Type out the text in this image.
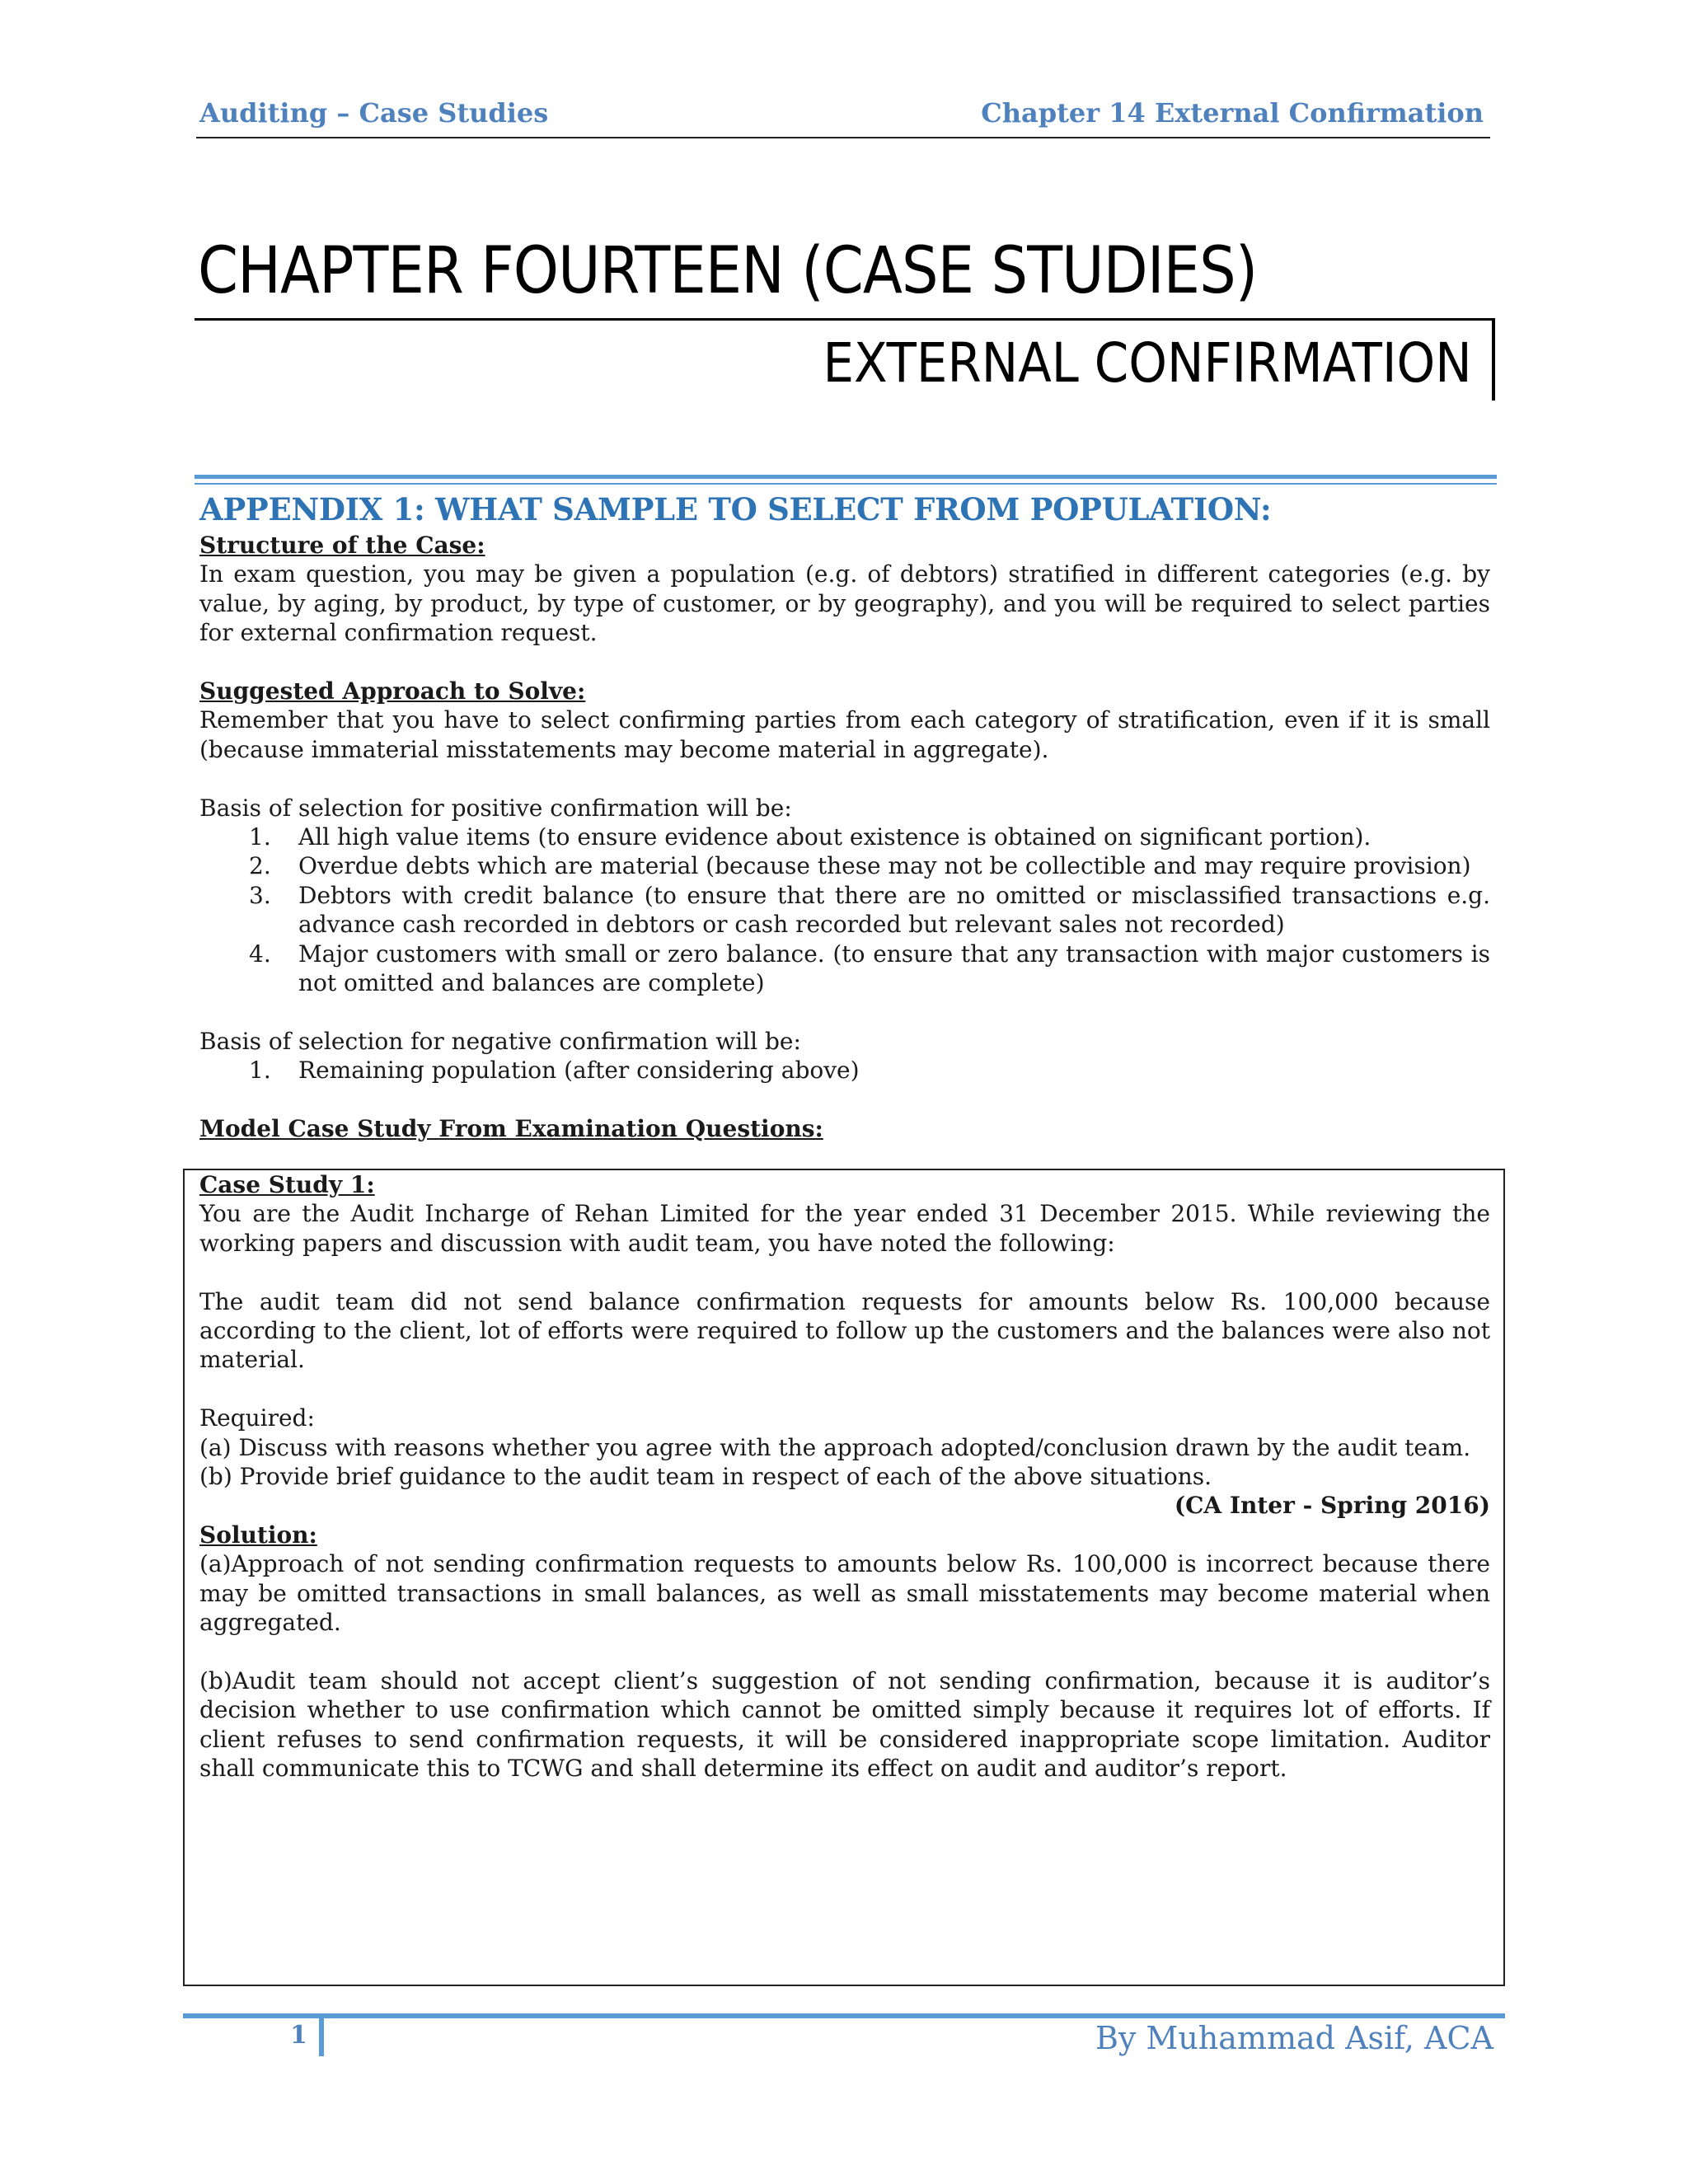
Auditing – Case Studies	Chapter 14 External Confirmation
CHAPTER FOURTEEN (CASE STUDIES)
EXTERNAL CONFIRMATION
APPENDIX 1: WHAT SAMPLE TO SELECT FROM POPULATION:

Structure of the Case:

In exam question, you may be given a population (e.g. of debtors) stratified in different categories (e.g. by value, by aging, by product, by type of customer, or by geography), and you will be required to select parties for external confirmation request.

Suggested Approach to Solve:

Remember that you have to select confirming parties from each category of stratification, even if it is small (because immaterial misstatements may become material in aggregate).

Basis of selection for positive confirmation will be:

1. All high value items (to ensure evidence about existence is obtained on significant portion).
2. Overdue debts which are material (because these may not be collectible and may require provision)
3. Debtors with credit balance (to ensure that there are no omitted or misclassified transactions e.g. advance cash recorded in debtors or cash recorded but relevant sales not recorded)
4. Major customers with small or zero balance. (to ensure that any transaction with major customers is not omitted and balances are complete)

Basis of selection for negative confirmation will be:

1. Remaining population (after considering above)

Model Case Study From Examination Questions:

Case Study 1:

You are the Audit Incharge of Rehan Limited for the year ended 31 December 2015. While reviewing the working papers and discussion with audit team, you have noted the following:

The audit team did not send balance confirmation requests for amounts below Rs. 100,000 because according to the client, lot of efforts were required to follow up the customers and the balances were also not material.

Required:

(a) Discuss with reasons whether you agree with the approach adopted/conclusion drawn by the audit team.

(b) Provide brief guidance to the audit team in respect of each of the above situations.

(CA Inter - Spring 2016)

Solution:

(a)Approach of not sending confirmation requests to amounts below Rs. 100,000 is incorrect because there may be omitted transactions in small balances, as well as small misstatements may become material when aggregated.

(b)Audit team should not accept client’s suggestion of not sending confirmation, because it is auditor’s decision whether to use confirmation which cannot be omitted simply because it requires lot of efforts. If client refuses to send confirmation requests, it will be considered inappropriate scope limitation. Auditor shall communicate this to TCWG and shall determine its effect on audit and auditor’s report.

1	By Muhammad Asif, ACA
